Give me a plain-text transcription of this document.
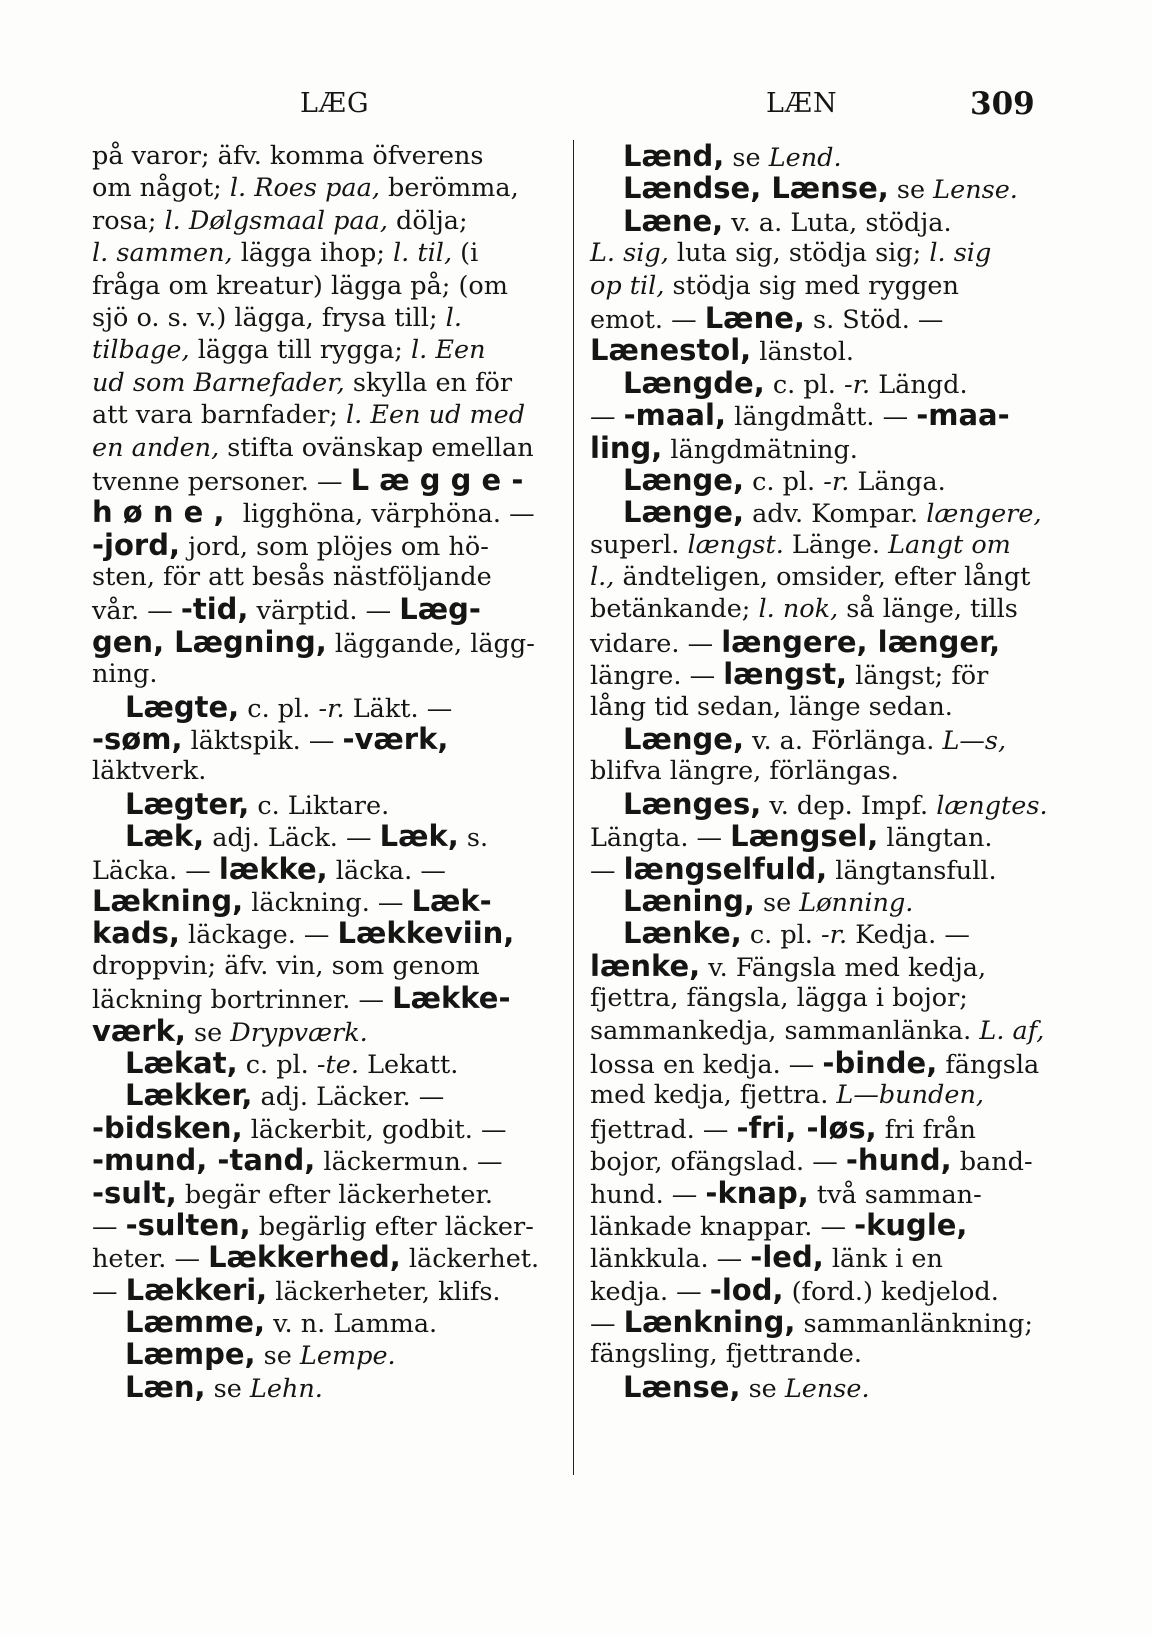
LÆG	LÆN	309
på varor; äfv. komma öfverens
om något; l. Roes paa, berömma,
rosa; l. Dølgsmaal paa, dölja;
l. sammen, lägga ihop; l. til, (i
fråga om kreatur) lägga på; (om
sjö o. s. v.) lägga, frysa till; l.
tilbage, lägga till rygga; l. Een
ud som Barnefader, skylla en för
att vara barnfader; l. Een ud med
en anden, stifta ovänskap emellan
tvenne personer. — Læggе-
høne, ligghöna, värphöna. —
-jord, jord, som plöjes om hö-
sten, för att besås nästföljande
vår. — -tid, värptid. — Læg-
gen, Lægning, läggande, lägg-
ning.
Lægte, c. pl. -r. Läkt. —
-søm, läktspik. — -værk,
läktverk.
Lægter, c. Liktare.
Læk, adj. Läck. — Læk, s.
Läcka. — lække, läcka. —
Lækning, läckning. — Læk-
kads, läckage. — Lækkeviin,
droppvin; äfv. vin, som genom
läckning bortrinner. — Lække-
værk, se Drypværk.
Lækat, c. pl. -te. Lekatt.
Lækker, adj. Läcker. —
-bidsken, läckerbit, godbit. —
-mund, -tand, läckermun. —
-sult, begär efter läckerheter.
— -sulten, begärlig efter läcker-
heter. — Lækkerhed, läckerhet.
— Lækkeri, läckerheter, klifs.
Læmme, v. n. Lamma.
Læmpe, se Lempe.
Læn, se Lehn.
Lænd, se Lend.
Lændse, Lænse, se Lense.
Læne, v. a. Luta, stödja.
L. sig, luta sig, stödja sig; l. sig
op til, stödja sig med ryggen
emot. — Læne, s. Stöd. —
Lænestol, länstol.
Længde, c. pl. -r. Längd.
— -maal, längdmått. — -maa-
ling, längdmätning.
Længe, c. pl. -r. Länga.
Længe, adv. Kompar. længere,
superl. længst. Länge. Langt om
l., ändteligen, omsider, efter långt
betänkande; l. nok, så länge, tills
vidare. — længere, længer,
längre. — længst, längst; för
lång tid sedan, länge sedan.
Længe, v. a. Förlänga. L—s,
blifva längre, förlängas.
Længes, v. dep. Impf. længtes.
Längta. — Længsel, längtan.
— længselfuld, längtansfull.
Læning, se Lønning.
Lænke, c. pl. -r. Kedja. —
lænke, v. Fängsla med kedja,
fjettra, fängsla, lägga i bojor;
sammankedja, sammanlänka. L. af,
lossa en kedja. — -binde, fängsla
med kedja, fjettra. L—bunden,
fjettrad. — -fri, -løs, fri från
bojor, ofängslad. — -hund, band-
hund. — -knap, två samman-
länkade knappar. — -kugle,
länkkula. — -led, länk i en
kedja. — -lod, (ford.) kedjelod.
— Lænkning, sammanlänkning;
fängsling, fjettrande.
Lænse, se Lense.
